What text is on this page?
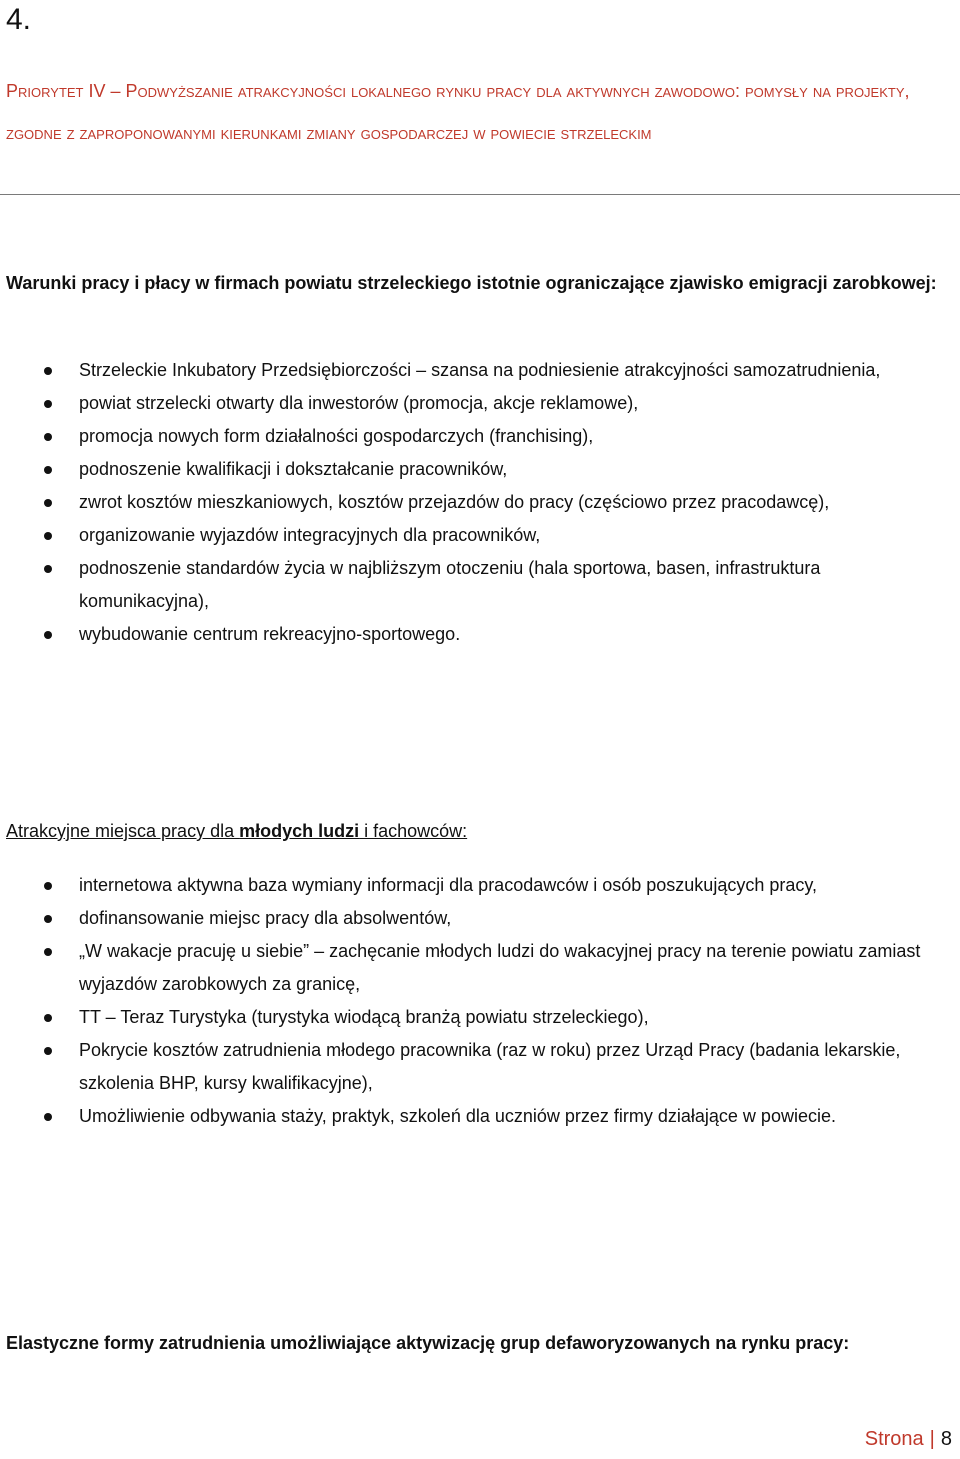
4.
Priorytet IV – Podwyższanie atrakcyjności lokalnego rynku pracy dla aktywnych zawodowo: pomysły na projekty, zgodne z zaproponowanymi kierunkami zmiany gospodarczej w powiecie strzeleckim
Warunki pracy i płacy w firmach powiatu strzeleckiego istotnie ograniczające zjawisko emigracji zarobkowej:
Strzeleckie Inkubatory Przedsiębiorczości – szansa na podniesienie atrakcyjności samozatrudnienia,
powiat strzelecki otwarty dla inwestorów (promocja, akcje reklamowe),
promocja nowych form działalności gospodarczych (franchising),
podnoszenie kwalifikacji i dokształcanie pracowników,
zwrot kosztów mieszkaniowych, kosztów przejazdów do pracy (częściowo przez pracodawcę),
organizowanie wyjazdów integracyjnych dla pracowników,
podnoszenie standardów życia w najbliższym otoczeniu (hala sportowa, basen, infrastruktura komunikacyjna),
wybudowanie centrum rekreacyjno-sportowego.
Atrakcyjne miejsca pracy dla młodych ludzi i fachowców:
internetowa aktywna baza wymiany informacji dla pracodawców i osób poszukujących pracy,
dofinansowanie miejsc pracy dla absolwentów,
„W wakacje pracuję u siebie” – zachęcanie młodych ludzi do wakacyjnej pracy na terenie powiatu zamiast wyjazdów zarobkowych za granicę,
TT – Teraz Turystyka (turystyka wiodącą branżą powiatu strzeleckiego),
Pokrycie kosztów zatrudnienia młodego pracownika (raz w roku) przez Urząd Pracy (badania lekarskie, szkolenia BHP, kursy kwalifikacyjne),
Umożliwienie odbywania staży, praktyk, szkoleń dla uczniów przez firmy działające w powiecie.
Elastyczne formy zatrudnienia umożliwiające aktywizację grup defaworyzowanych na rynku pracy:
Strona | 8
